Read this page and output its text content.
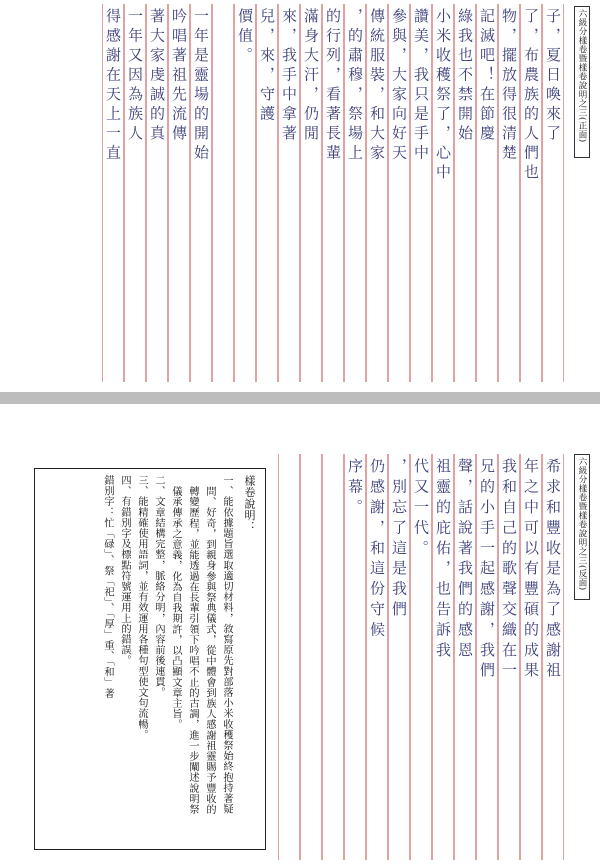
六級分樣卷暨樣卷說明之三(正面)
子，夏日喚來了
了，布農族的人們也
物，擺放得很清楚
記滅吧！在節慶
綠我也不禁開始
小米收穫祭了，心中
讚美，我只是手中
參與，大家向好天
傳統服裝，和大家
，的肅穆，祭場上
的行列，看著長輩
滿身大汗，仍閒
來，我手中拿著
兒，來，守護
價值。
一年是靈場的開始
吟唱著祖先流傳
著大家虔誠的真
一年又因為族人
得感謝在天上一直
六級分樣卷暨樣卷說明之三(反面)
希求和豐收是為了感謝祖
年之中可以有豐碩的成果
我和自己的歌聲交織在一
兄的小手一起感謝，我們
聲，話說著我們的感恩
祖靈的庇佑，也告訴我
代又一代。
，別忘了這是我們
仍感謝，和這份守候
序幕。
樣卷說明：
一、能依據題旨選取適切材料，敘寫原先對部落小米收穫祭始終抱持著疑
問、好奇，到親身參與祭典儀式，從中體會到族人感謝祖靈賜予豐收的
轉變歷程，並能透過在長輩引領下吟唱不止的古調，進一步闡述說明祭
儀承傳承之意義，化為自我期許，以凸顯文章主旨。
二、文章結構完整，脈絡分明，內容前後連貫。
三、能精確使用語詞，並有效運用各種句型使文句流暢。
四、有錯別字及標點符號運用上的錯誤。
錯別字：忙「碌」、祭「祀」、「厚」重、「和」著
